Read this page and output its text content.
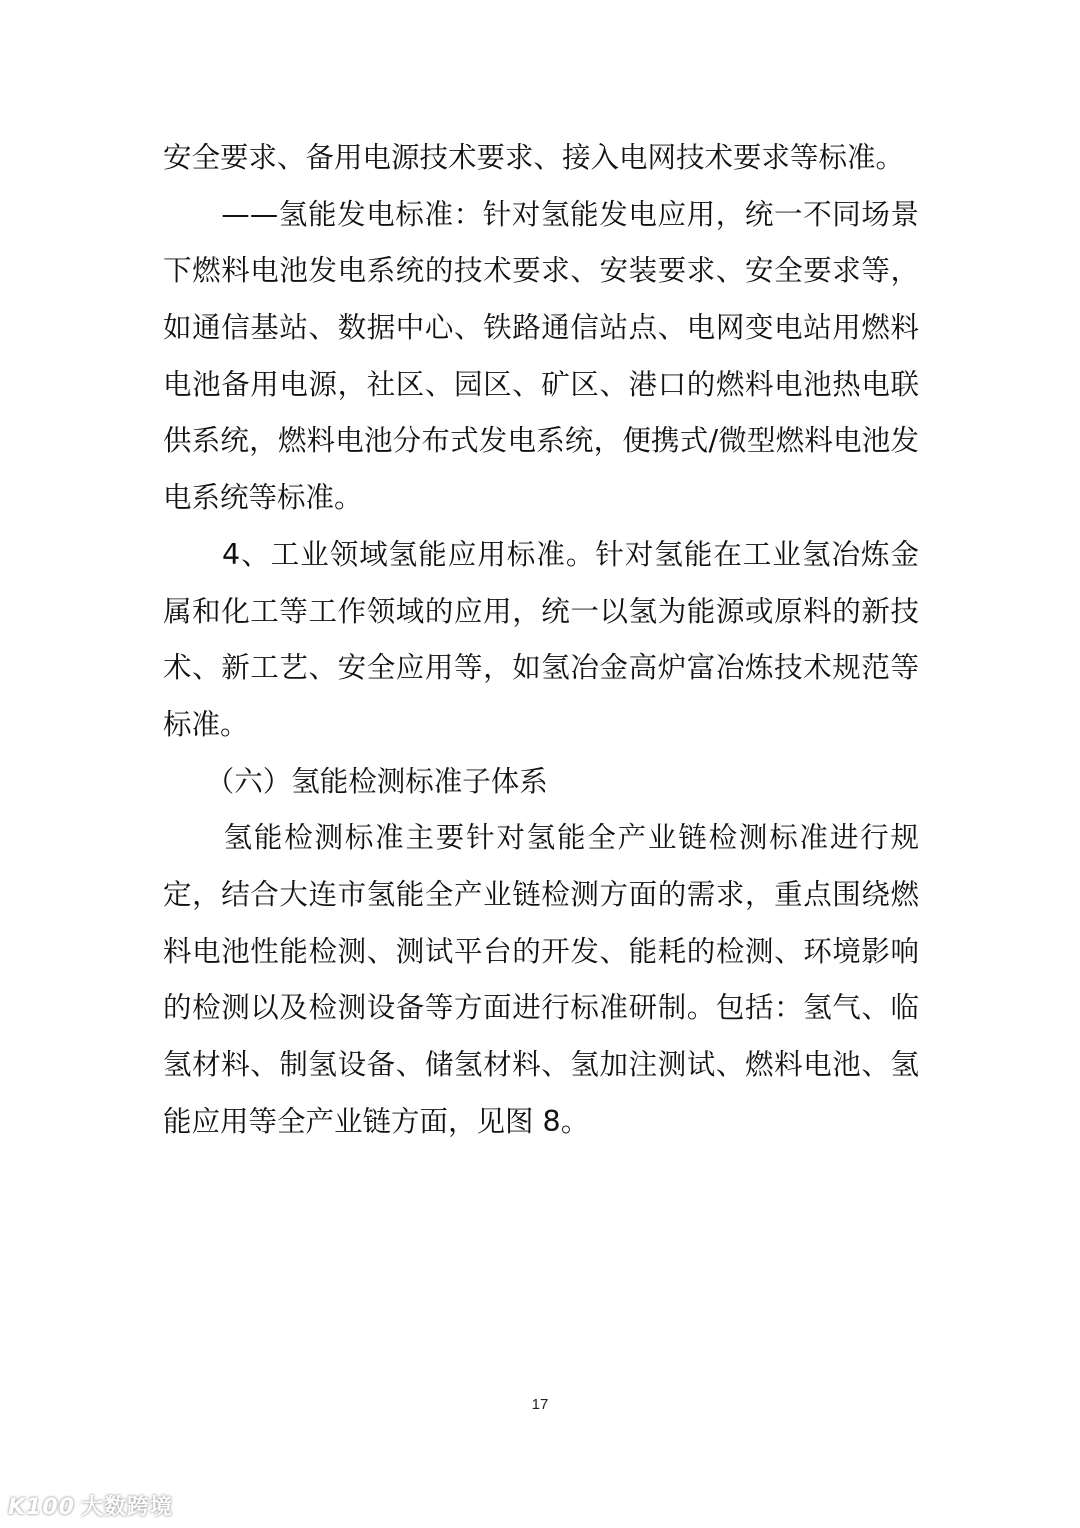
安全要求、备用电源技术要求、接入电网技术要求等标准。
　　——氢能发电标准：针对氢能发电应用，统一不同场景
下燃料电池发电系统的技术要求、安装要求、安全要求等，
如通信基站、数据中心、铁路通信站点、电网变电站用燃料
电池备用电源，社区、园区、矿区、港口的燃料电池热电联
供系统，燃料电池分布式发电系统，便携式/微型燃料电池发
电系统等标准。
　　4、工业领域氢能应用标准。针对氢能在工业氢冶炼金
属和化工等工作领域的应用，统一以氢为能源或原料的新技
术、新工艺、安全应用等，如氢冶金高炉富冶炼技术规范等
标准。
　　（六）氢能检测标准子体系
　　氢能检测标准主要针对氢能全产业链检测标准进行规
定，结合大连市氢能全产业链检测方面的需求，重点围绕燃
料电池性能检测、测试平台的开发、能耗的检测、环境影响
的检测以及检测设备等方面进行标准研制。包括：氢气、临
氢材料、制氢设备、储氢材料、氢加注测试、燃料电池、氢
能应用等全产业链方面，见图 8。
17
K100 大数跨境
